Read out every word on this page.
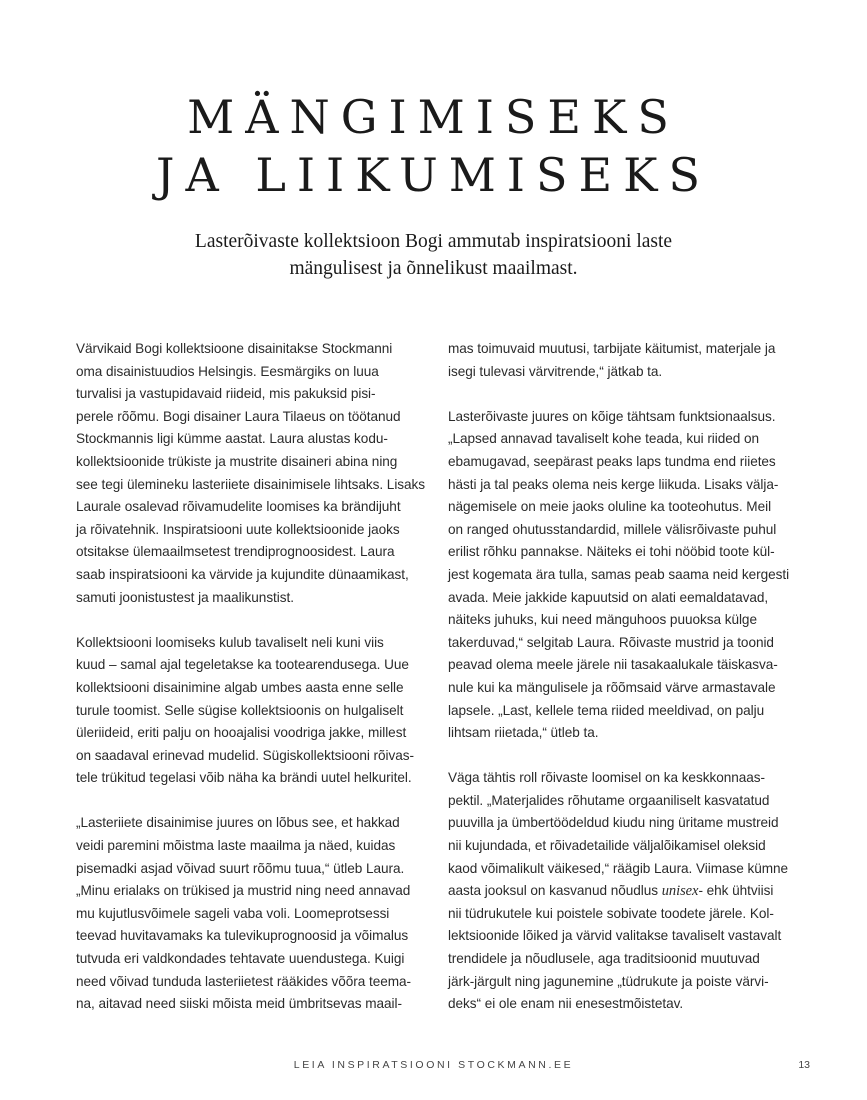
MÄNGIMISEKS
JA LIIKUMISEKS

Lasterõivaste kollektsioon Bogi ammutab inspiratsiooni laste
mängulisest ja õnnelikust maailmast.

Värvikaid Bogi kollektsioone disainitakse Stockmanni
oma disainistuudios Helsingis. Eesmärgiks on luua
turvalisi ja vastupidavaid riideid, mis pakuksid pisi-
perele rõõmu. Bogi disainer Laura Tilaeus on töötanud
Stockmannis ligi kümme aastat. Laura alustas kodu-
kollektsioonide trükiste ja mustrite disaineri abina ning
see tegi ülemineku lasteriiete disainimisele lihtsaks. Lisaks
Laurale osalevad rõivamudelite loomises ka brändijuht
ja rõivatehnik. Inspiratsiooni uute kollektsioonide jaoks
otsitakse ülemaailmsetest trendiprognoosidest. Laura
saab inspiratsiooni ka värvide ja kujundite dünaamikast,
samuti joonistustest ja maalikunstist.

Kollektsiooni loomiseks kulub tavaliselt neli kuni viis
kuud – samal ajal tegeletakse ka tootearendusega. Uue
kollektsiooni disainimine algab umbes aasta enne selle
turule toomist. Selle sügise kollektsioonis on hulgaliselt
üleriideid, eriti palju on hooajalisi voodriga jakke, millest
on saadaval erinevad mudelid. Sügiskollektsiooni rõivas-
tele trükitud tegelasi võib näha ka brändi uutel helkuritel.

„Lasteriiete disainimise juures on lõbus see, et hakkad
veidi paremini mõistma laste maailma ja näed, kuidas
pisemadki asjad võivad suurt rõõmu tuua,“ ütleb Laura.
„Minu erialaks on trükised ja mustrid ning need annavad
mu kujutlusvõimele sageli vaba voli. Loomeprotsessi
teevad huvitavamaks ka tulevikuprognoosid ja võimalus
tutvuda eri valdkondades tehtavate uuendustega. Kuigi
need võivad tunduda lasteriietest rääkides võõra teema-
na, aitavad need siiski mõista meid ümbritsevas maail-

mas toimuvaid muutusi, tarbijate käitumist, materjale ja
isegi tulevasi värvitrende,“ jätkab ta.

Lasterõivaste juures on kõige tähtsam funktsionaalsus.
„Lapsed annavad tavaliselt kohe teada, kui riided on
ebamugavad, seepärast peaks laps tundma end riietes
hästi ja tal peaks olema neis kerge liikuda. Lisaks välja-
nägemisele on meie jaoks oluline ka tooteohutus. Meil
on ranged ohutusstandardid, millele välisrõivaste puhul
erilist rõhku pannakse. Näiteks ei tohi nööbid toote kül-
jest kogemata ära tulla, samas peab saama neid kergesti
avada. Meie jakkide kapuutsid on alati eemaldatavad,
näiteks juhuks, kui need mänguhoos puuoksa külge
takerduvad,“ selgitab Laura. Rõivaste mustrid ja toonid
peavad olema meele järele nii tasakaalukale täiskasva-
nule kui ka mängulisele ja rõõmsaid värve armastavale
lapsele. „Last, kellele tema riided meeldivad, on palju
lihtsam riietada,“ ütleb ta.

Väga tähtis roll rõivaste loomisel on ka keskkonnaas-
pektil. „Materjalides rõhutame orgaaniliselt kasvatatud
puuvilla ja ümbertöödeldud kiudu ning üritame mustreid
nii kujundada, et rõivadetailide väljalõikamisel oleksid
kaod võimalikult väikesed,“ räägib Laura. Viimase kümne
aasta jooksul on kasvanud nõudlus unisex- ehk ühtviisi
nii tüdrukutele kui poistele sobivate toodete järele. Kol-
lektsioonide lõiked ja värvid valitakse tavaliselt vastavalt
trendidele ja nõudlusele, aga traditsioonid muutuvad
järk-järgult ning jagunemine „tüdrukute ja poiste värvi-
deks“ ei ole enam nii enesestmõistetav.

LEIA INSPIRATSIOONI STOCKMANN.EE	13
